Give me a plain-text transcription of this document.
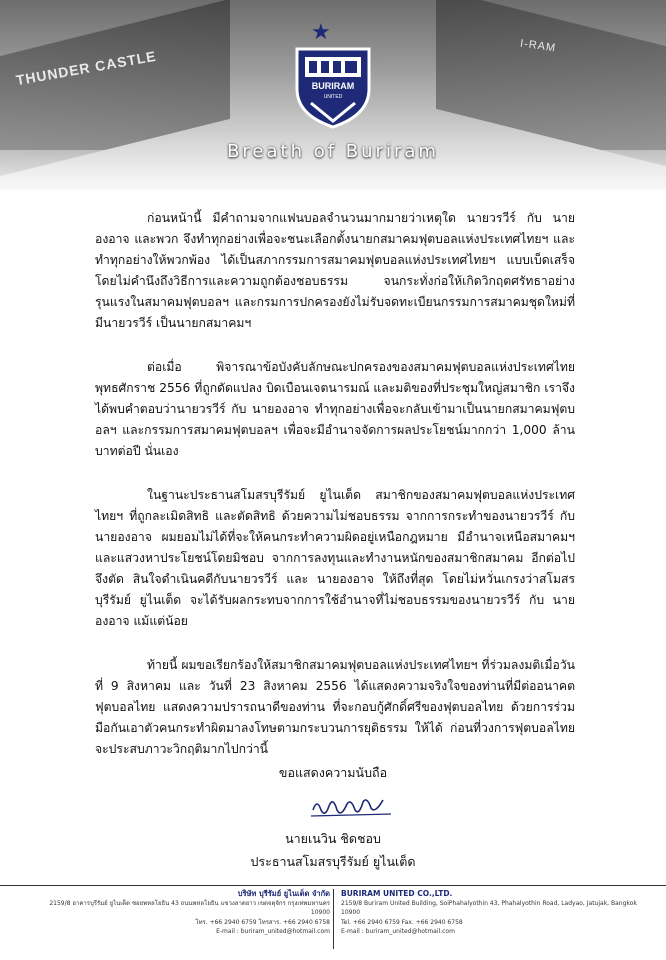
THUNDER CASTLE
I-RAM
★
BURIRAM
UNITED
Breath of Buriram

ก่อนหน้านี้ มีคำถามจากแฟนบอลจำนวนมากมายว่าเหตุใด นายวรวีร์ กับ นายองอาจ และพวก จึงทำทุกอย่างเพื่อจะชนะเลือกตั้งนายกสมาคมฟุตบอลแห่งประเทศไทยฯ และทำทุกอย่างให้พวกพ้อง ได้เป็นสภากรรมการสมาคมฟุตบอลแห่งประเทศไทยฯ แบบเบ็ดเสร็จ โดยไม่คำนึงถึงวิธีการและความถูกต้องชอบธรรม จนกระทั่งก่อให้เกิดวิกฤตศรัทธาอย่างรุนแรงในสมาคมฟุตบอลฯ และกรมการปกครองยังไม่รับจดทะเบียนกรรมการสมาคมชุดใหม่ที่มีนายวรวีร์ เป็นนายกสมาคมฯ

ต่อเมื่อ พิจารณาข้อบังคับลักษณะปกครองของสมาคมฟุตบอลแห่งประเทศไทย พุทธศักราช 2556 ที่ถูกดัดแปลง บิดเบือนเจตนารมณ์ และมติของที่ประชุมใหญ่สมาชิก เราจึงได้พบคำตอบว่านายวรวีร์ กับ นายองอาจ ทำทุกอย่างเพื่อจะกลับเข้ามาเป็นนายกสมาคมฟุตบอลฯ และกรรมการสมาคมฟุตบอลฯ เพื่อจะมีอำนาจจัดการผลประโยชน์มากกว่า 1,000 ล้านบาทต่อปี นั่นเอง

ในฐานะประธานสโมสรบุรีรัมย์ ยูไนเต็ด สมาชิกของสมาคมฟุตบอลแห่งประเทศไทยฯ ที่ถูกละเมิดสิทธิ และตัดสิทธิ ด้วยความไม่ชอบธรรม จากการกระทำของนายวรวีร์ กับนายองอาจ ผมยอมไม่ได้ที่จะให้คนกระทำความผิดอยู่เหนือกฎหมาย มีอำนาจเหนือสมาคมฯ และแสวงหาประโยชน์โดยมิชอบ จากการลงทุนและทำงานหนักของสมาชิกสมาคม อีกต่อไป จึงตัด สินใจดำเนินคดีกับนายวรวีร์ และ นายองอาจ ให้ถึงที่สุด โดยไม่หวั่นเกรงว่าสโมสรบุรีรัมย์ ยูไนเต็ด จะได้รับผลกระทบจากการใช้อำนาจที่ไม่ชอบธรรมของนายวรวีร์ กับ นายองอาจ แม้แต่น้อย

ท้ายนี้ ผมขอเรียกร้องให้สมาชิกสมาคมฟุตบอลแห่งประเทศไทยฯ ที่ร่วมลงมติเมื่อวันที่ 9 สิงหาคม และ วันที่ 23 สิงหาคม 2556 ได้แสดงความจริงใจของท่านที่มีต่ออนาคตฟุตบอลไทย แสดงความปรารถนาดีของท่าน ที่จะกอบกู้ศักดิ์ศรีของฟุตบอลไทย ด้วยการร่วมมือกันเอาตัวคนกระทำผิดมาลงโทษตามกระบวนการยุติธรรม ให้ได้ ก่อนที่วงการฟุตบอลไทย จะประสบภาวะวิกฤติมากไปกว่านี้

ขอแสดงความนับถือ
นายเนวิน ชิดชอบ
ประธานสโมสรบุรีรัมย์ ยูไนเต็ด
บริษัท บุรีรัมย์ ยูไนเต็ด จำกัด
2159/8 อาคารบุรีรัมย์ ยูไนเต็ด ซอยพหลโยธิน 43 ถนนพหลโยธิน แขวงลาดยาว เขตจตุจักร กรุงเทพมหานคร 10900
โทร. +66 2940 6759 โทรสาร. +66 2940 6758
E-mail : buriram_united@hotmail.com
BURIRAM UNITED CO.,LTD.
2159/8 Buriram United Building, SoiPhahalyothin 43, Phahalyothin Road, Ladyao, Jatujak, Bangkok 10900
Tel. +66 2940 6759 Fax. +66 2940 6758
E-mail : buriram_united@hotmail.com
